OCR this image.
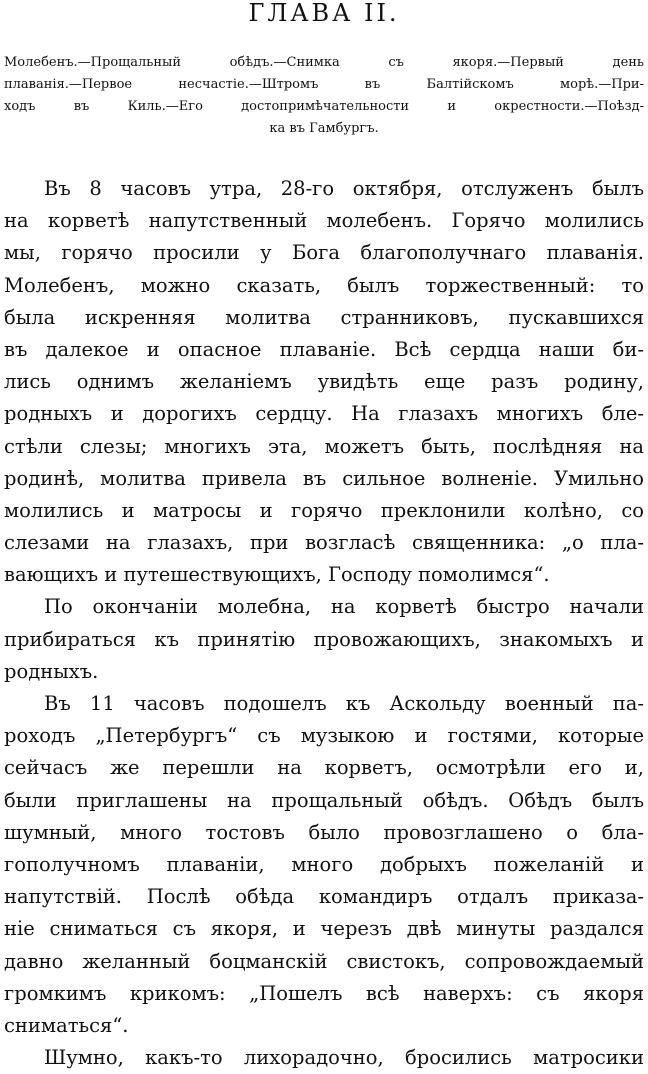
ГЛАВА II.
Молебенъ.—Прощальный обѣдъ.—Снимка съ якоря.—Первый день
плаванія.—Первое несчастіе.—Штромъ въ Балтійскомъ морѣ.—При-
ходъ въ Киль.—Его достопримѣчательности и окрестности.—Поѣзд-
ка въ Гамбургъ.
Въ 8 часовъ утра, 28-го октября, отслуженъ былъ
на корветѣ напутственный молебенъ. Горячо молились
мы, горячо просили у Бога благополучнаго плаванія.
Молебенъ, можно сказать, былъ торжественный: то
была искренняя молитва странниковъ, пускавшихся
въ далекое и опасное плаваніе. Всѣ сердца наши би-
лись однимъ желаніемъ увидѣть еще разъ родину,
родныхъ и дорогихъ сердцу. На глазахъ многихъ бле-
стѣли слезы; многихъ эта, можетъ быть, послѣдняя на
родинѣ, молитва привела въ сильное волненіе. Умильно
молились и матросы и горячо преклонили колѣно, со
слезами на глазахъ, при возгласѣ священника: „о пла-
вающихъ и путешествующихъ, Господу помолимся“.
По окончаніи молебна, на корветѣ быстро начали
прибираться къ принятію провожающихъ, знакомыхъ и
родныхъ.
Въ 11 часовъ подошелъ къ Аскольду военный па-
роходъ „Петербургъ“ съ музыкою и гостями, которые
сейчасъ же перешли на корветъ, осмотрѣли его и,
были приглашены на прощальный обѣдъ. Обѣдъ былъ
шумный, много тостовъ было провозглашено о бла-
гополучномъ плаваніи, много добрыхъ пожеланій и
напутствій. Послѣ обѣда командиръ отдалъ приказа-
ніе сниматься съ якоря, и черезъ двѣ минуты раздался
давно желанный боцманскій свистокъ, сопровождаемый
громкимъ крикомъ: „Пошелъ всѣ наверхъ: съ якоря
сниматься“.
Шумно, какъ-то лихорадочно, бросились матросики
